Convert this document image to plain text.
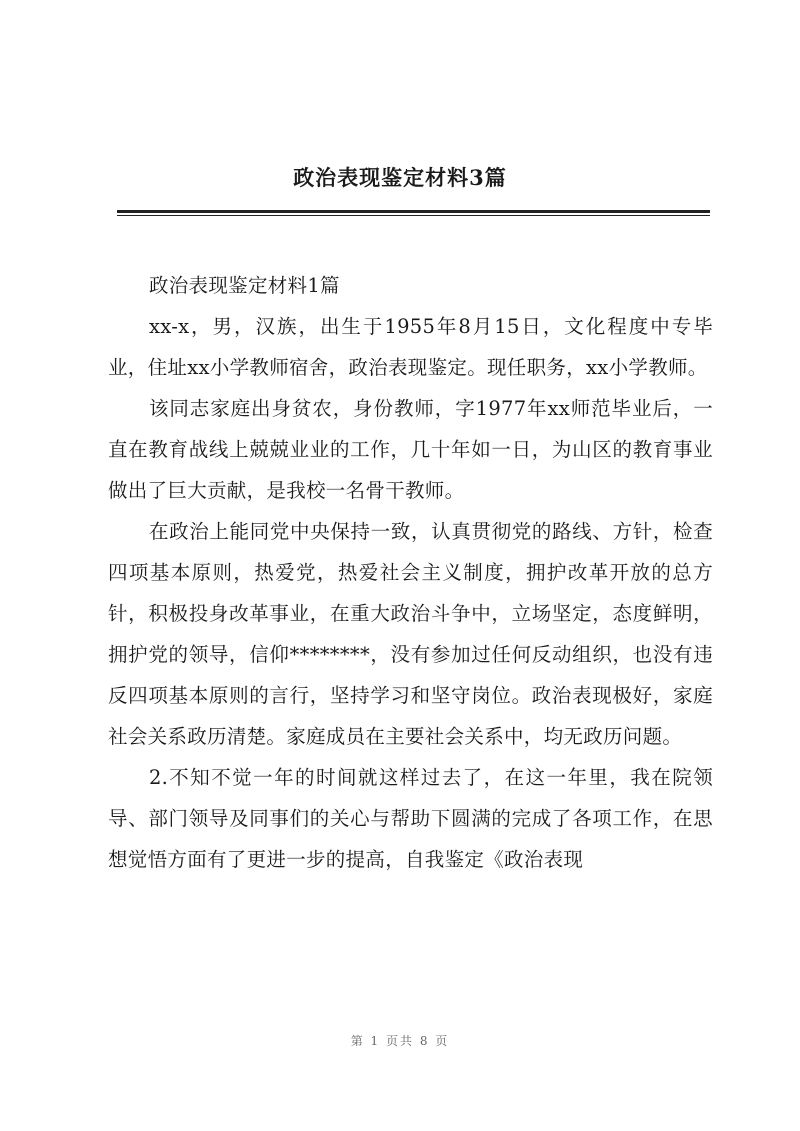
政治表现鉴定材料3篇

政治表现鉴定材料1篇

xx-x，男，汉族，出生于1955年8月15日，文化程度中专毕业，住址xx小学教师宿舍，政治表现鉴定。现任职务，xx小学教师。

该同志家庭出身贫农，身份教师，字1977年xx师范毕业后，一直在教育战线上兢兢业业的工作，几十年如一日，为山区的教育事业做出了巨大贡献，是我校一名骨干教师。

在政治上能同党中央保持一致，认真贯彻党的路线、方针，检查四项基本原则，热爱党，热爱社会主义制度，拥护改革开放的总方针，积极投身改革事业，在重大政治斗争中，立场坚定，态度鲜明，拥护党的领导，信仰********，没有参加过任何反动组织，也没有违反四项基本原则的言行，坚持学习和坚守岗位。政治表现极好，家庭社会关系政历清楚。家庭成员在主要社会关系中，均无政历问题。

2.不知不觉一年的时间就这样过去了，在这一年里，我在院领导、部门领导及同事们的关心与帮助下圆满的完成了各项工作，在思想觉悟方面有了更进一步的提高，自我鉴定《政治表现

第 1 页共 8 页
